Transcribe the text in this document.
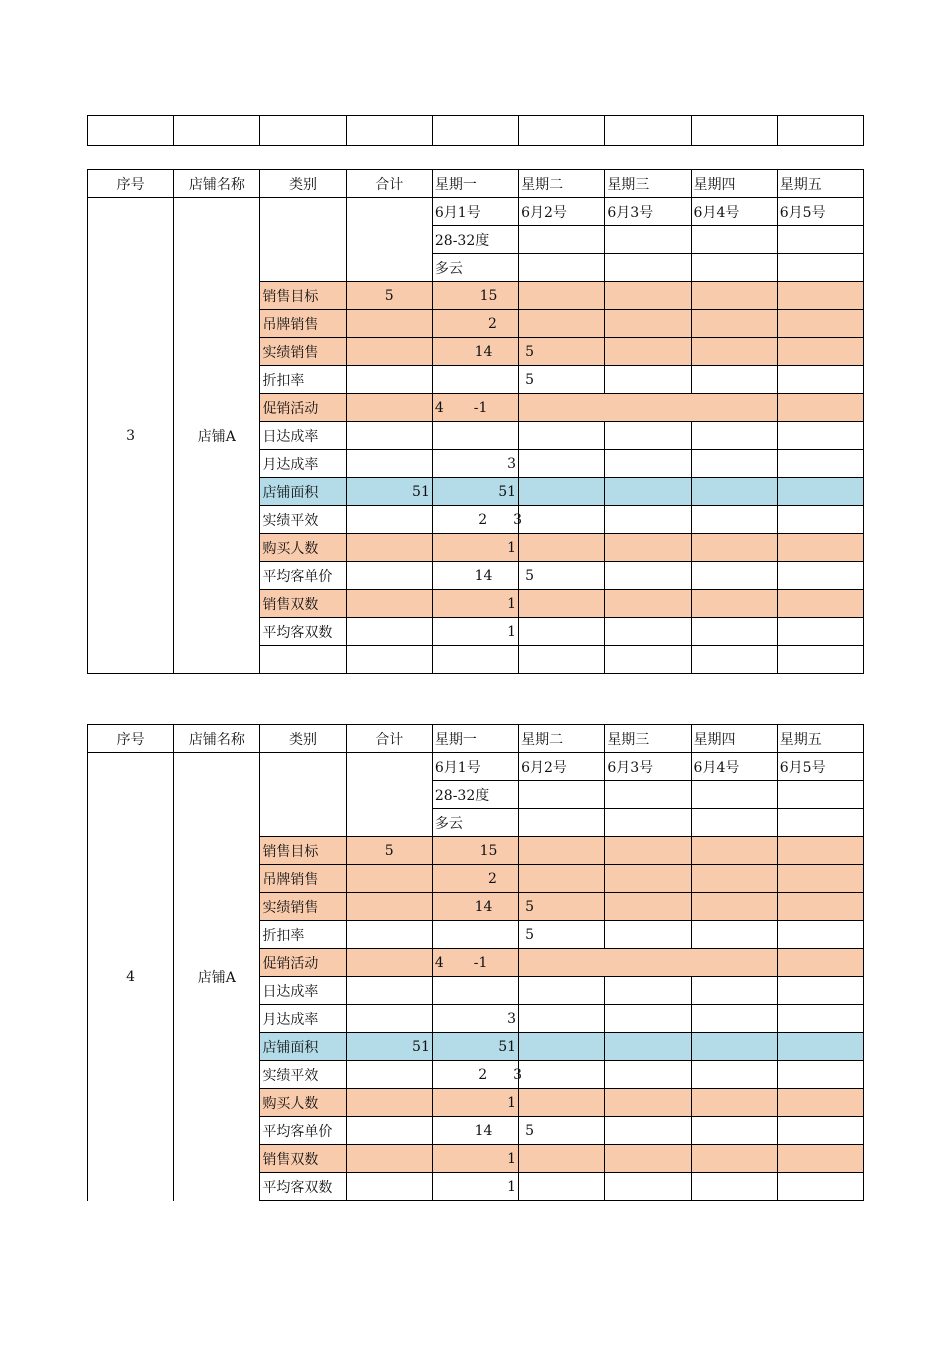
序号	店铺名称	类别	合计	星期一	星期二	星期三	星期四	星期五
3	店铺A			6月1号	6月2号	6月3号	6月4号	6月5号
				28-32度				
				多云				
		销售目标	5	15				
		吊牌销售		2				
		实绩销售		14	5			
		折扣率			5			
		促销活动		4 -1				
		日达成率						
		月达成率		3				
		店铺面积	51	51				
		实绩平效		2 3				
		购买人数		1				
		平均客单价		14	5			
		销售双数		1				
		平均客双数		1				

序号	店铺名称	类别	合计	星期一	星期二	星期三	星期四	星期五
4	店铺A			6月1号	6月2号	6月3号	6月4号	6月5号
				28-32度				
				多云				
		销售目标	5	15				
		吊牌销售		2				
		实绩销售		14	5			
		折扣率			5			
		促销活动		4 -1				
		日达成率						
		月达成率		3				
		店铺面积	51	51				
		实绩平效		2 3				
		购买人数		1				
		平均客单价		14	5			
		销售双数		1				
		平均客双数		1				
